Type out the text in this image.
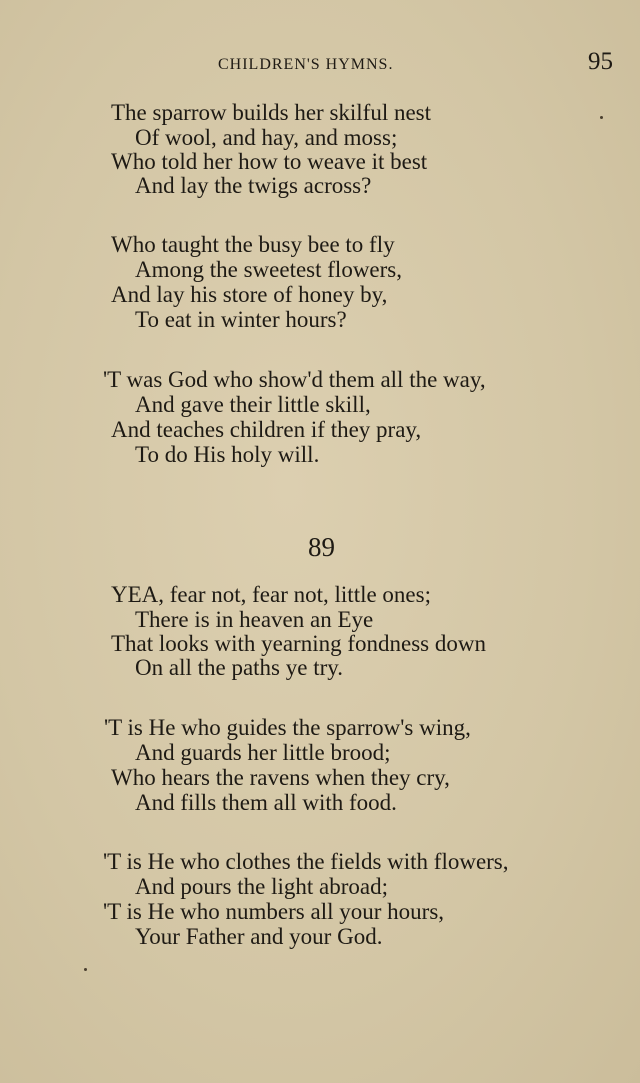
CHILDREN'S HYMNS.	95
The sparrow builds her skilful nest
Of wool, and hay, and moss;
Who told her how to weave it best
And lay the twigs across?
Who taught the busy bee to fly
Among the sweetest flowers,
And lay his store of honey by,
To eat in winter hours?
'T was God who show'd them all the way,
And gave their little skill,
And teaches children if they pray,
To do His holy will.
89
YEA, fear not, fear not, little ones;
There is in heaven an Eye
That looks with yearning fondness down
On all the paths ye try.
'T is He who guides the sparrow's wing,
And guards her little brood;
Who hears the ravens when they cry,
And fills them all with food.
'T is He who clothes the fields with flowers,
And pours the light abroad;
'T is He who numbers all your hours,
Your Father and your God.
